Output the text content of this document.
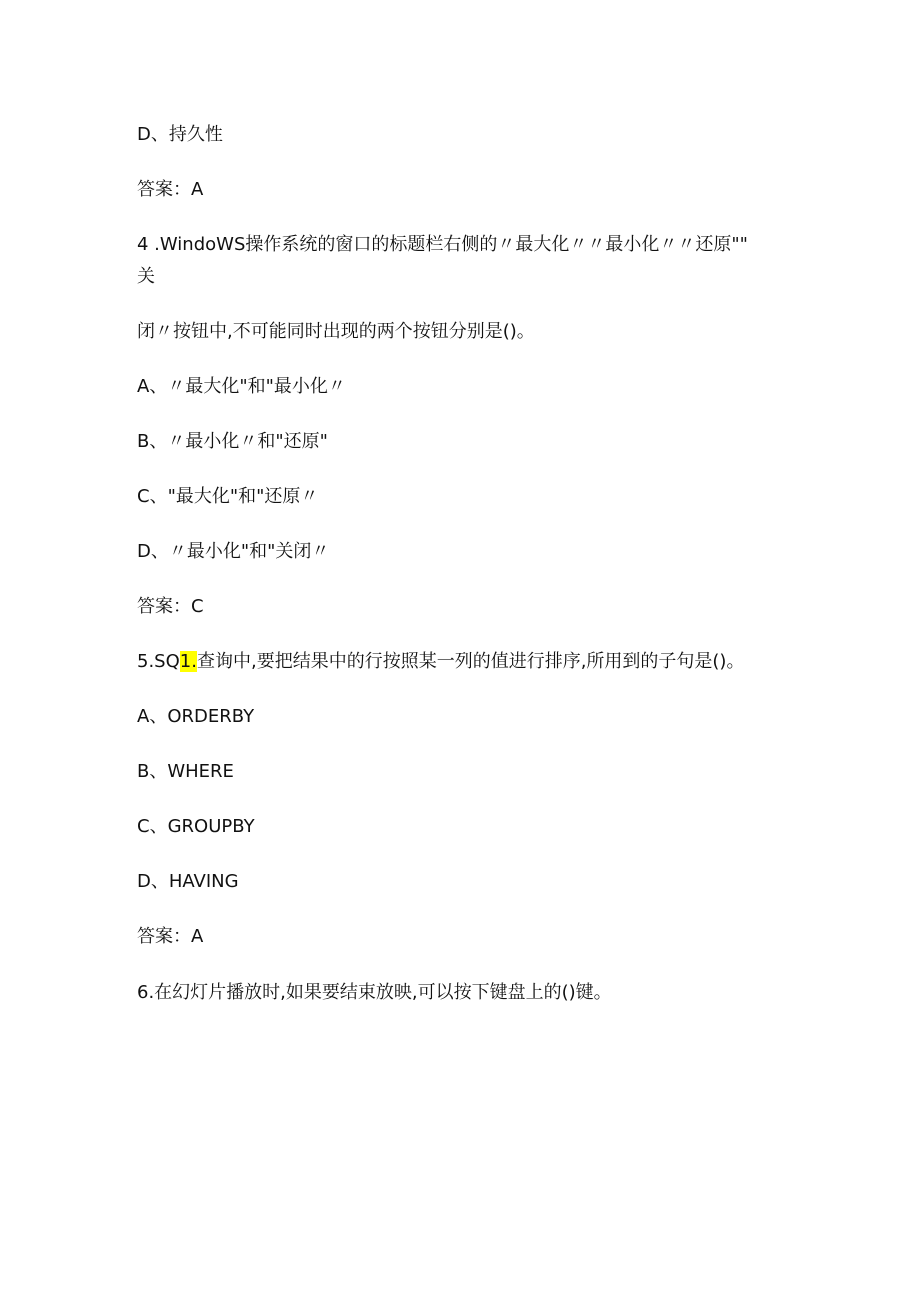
D、持久性
答案：A
4 .WindoWS操作系统的窗口的标题栏右侧的〃最大化〃〃最小化〃〃还原""
关
闭〃按钮中,不可能同时出现的两个按钮分别是()。
A、〃最大化"和"最小化〃
B、〃最小化〃和"还原"
C、"最大化"和"还原〃
D、〃最小化"和"关闭〃
答案：C
5.SQ1.查询中,要把结果中的行按照某一列的值进行排序,所用到的子句是()。
A、ORDERBY
B、WHERE
C、GROUPBY
D、HAVING
答案：A
6.在幻灯片播放时,如果要结束放映,可以按下键盘上的()键。
